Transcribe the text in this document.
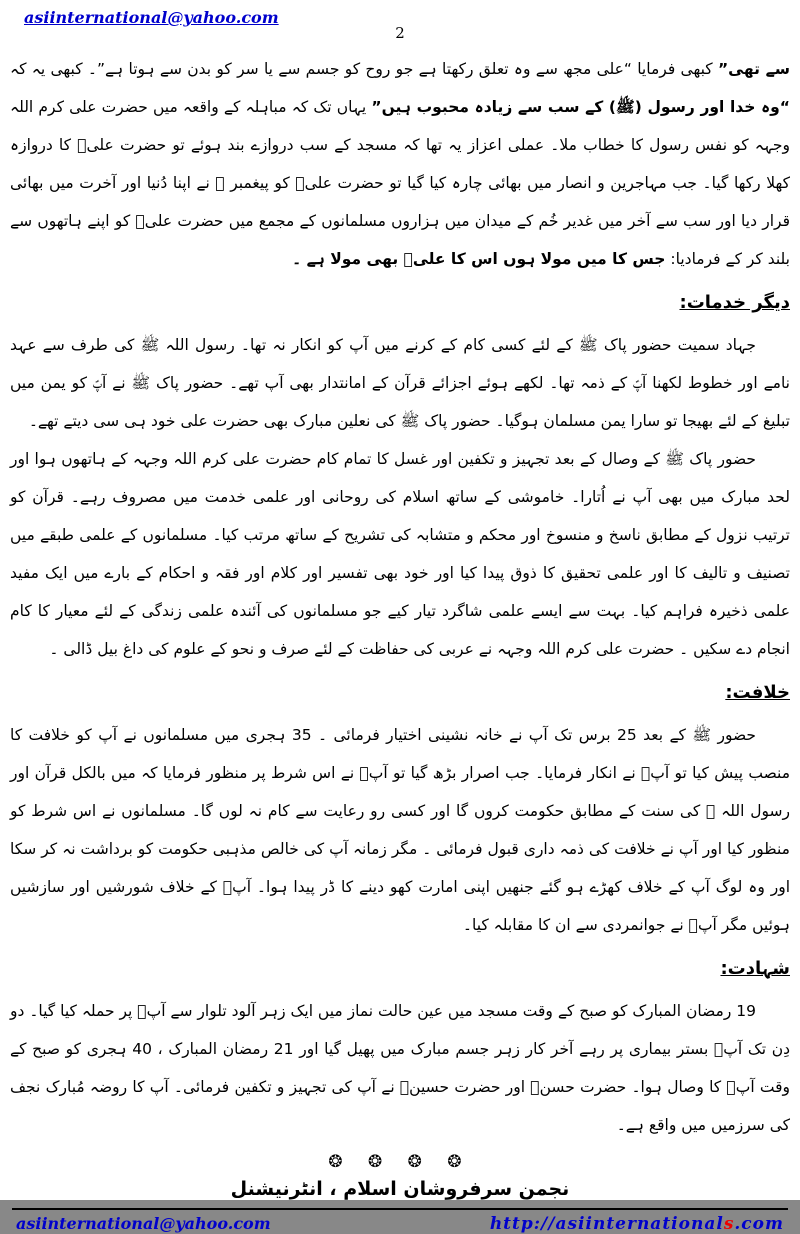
asiinternational@yahoo.com
2

سے تھی” کبھی فرمایا “علی مجھ سے وہ تعلق رکھتا ہے جو روح کو جسم سے یا سر کو بدن سے ہوتا ہے”۔ کبھی یہ کہ “وہ خدا اور رسول (ﷺ) کے سب سے زیادہ محبوب ہیں” یہاں تک کہ مباہلہ کے واقعہ میں حضرت علی کرم اللہ وجہہ کو نفس رسول کا خطاب ملا۔ عملی اعزاز یہ تھا کہ مسجد کے سب دروازے بند ہوئے تو حضرت علیؑ کا دروازہ کھلا رکھا گیا۔ جب مہاجرین و انصار میں بھائی چارہ کیا گیا تو حضرت علیؑ کو پیغمبر ﷺ نے اپنا دُنیا اور آخرت میں بھائی قرار دیا اور سب سے آخر میں غدیر خُم کے میدان میں ہزاروں مسلمانوں کے مجمع میں حضرت علیؑ کو اپنے ہاتھوں سے بلند کر کے فرمادیا: جس کا میں مولا ہوں اس کا علیؑ بھی مولا ہے ۔

دیگر خدمات:

جہاد سمیت حضور پاک ﷺ کے لئے کسی کام کے کرنے میں آپ کو انکار نہ تھا۔ رسول اللہ ﷺ کی طرف سے عہد نامے اور خطوط لکھنا آپؑ کے ذمہ تھا۔ لکھے ہوئے اجزائے قرآن کے امانتدار بھی آپ تھے۔ حضور پاک ﷺ نے آپؑ کو یمن میں تبلیغ کے لئے بھیجا تو سارا یمن مسلمان ہوگیا۔ حضور پاک ﷺ کی نعلین مبارک بھی حضرت علی خود ہی سی دیتے تھے۔

حضور پاک ﷺ کے وصال کے بعد تجہیز و تکفین اور غسل کا تمام کام حضرت علی کرم اللہ وجہہ کے ہاتھوں ہوا اور لحد مبارک میں بھی آپ نے اُتارا۔ خاموشی کے ساتھ اسلام کی روحانی اور علمی خدمت میں مصروف رہے۔ قرآن کو ترتیب نزول کے مطابق ناسخ و منسوخ اور محکم و متشابہ کی تشریح کے ساتھ مرتب کیا۔ مسلمانوں کے علمی طبقے میں تصنیف و تالیف کا اور علمی تحقیق کا ذوق پیدا کیا اور خود بھی تفسیر اور کلام اور فقہ و احکام کے بارے میں ایک مفید علمی ذخیرہ فراہم کیا۔ بہت سے ایسے علمی شاگرد تیار کیے جو مسلمانوں کی آئندہ علمی زندگی کے لئے معیار کا کام انجام دے سکیں ۔ حضرت علی کرم اللہ وجہہ نے عربی کی حفاظت کے لئے صرف و نحو کے علوم کی داغ بیل ڈالی ۔

خلافت:

حضور ﷺ کے بعد 25 برس تک آپ نے خانہ نشینی اختیار فرمائی ۔ 35 ہجری میں مسلمانوں نے آپ کو خلافت کا منصب پیش کیا تو آپؑ نے انکار فرمایا۔ جب اصرار بڑھ گیا تو آپؑ نے اس شرط پر منظور فرمایا کہ میں بالکل قرآن اور رسول اللہ ﷺ کی سنت کے مطابق حکومت کروں گا اور کسی رو رعایت سے کام نہ لوں گا۔ مسلمانوں نے اس شرط کو منظور کیا اور آپ نے خلافت کی ذمہ داری قبول فرمائی ۔ مگر زمانہ آپ کی خالص مذہبی حکومت کو برداشت نہ کر سکا اور وہ لوگ آپ کے خلاف کھڑے ہو گئے جنھیں اپنی امارت کھو دینے کا ڈر پیدا ہوا۔ آپؑ کے خلاف شورشیں اور سازشیں ہوئیں مگر آپؑ نے جوانمردی سے ان کا مقابلہ کیا۔

شہادت:

19 رمضان المبارک کو صبح کے وقت مسجد میں عین حالت نماز میں ایک زہر آلود تلوار سے آپؑ پر حملہ کیا گیا۔ دو دِن تک آپؑ بستر بیماری پر رہے آخر کار زہر جسم مبارک میں پھیل گیا اور 21 رمضان المبارک ، 40 ہجری کو صبح کے وقت آپؑ کا وصال ہوا۔ حضرت حسنؑ اور حضرت حسینؑ نے آپ کی تجہیز و تکفین فرمائی۔ آپ کا روضہ مُبارک نجف کی سرزمیں میں واقع ہے۔

❂ ❂ ❂ ❂
نجمن سرفروشان اسلام ، انٹرنیشنل
asiinternational@yahoo.com	http://asiinternationals.com
